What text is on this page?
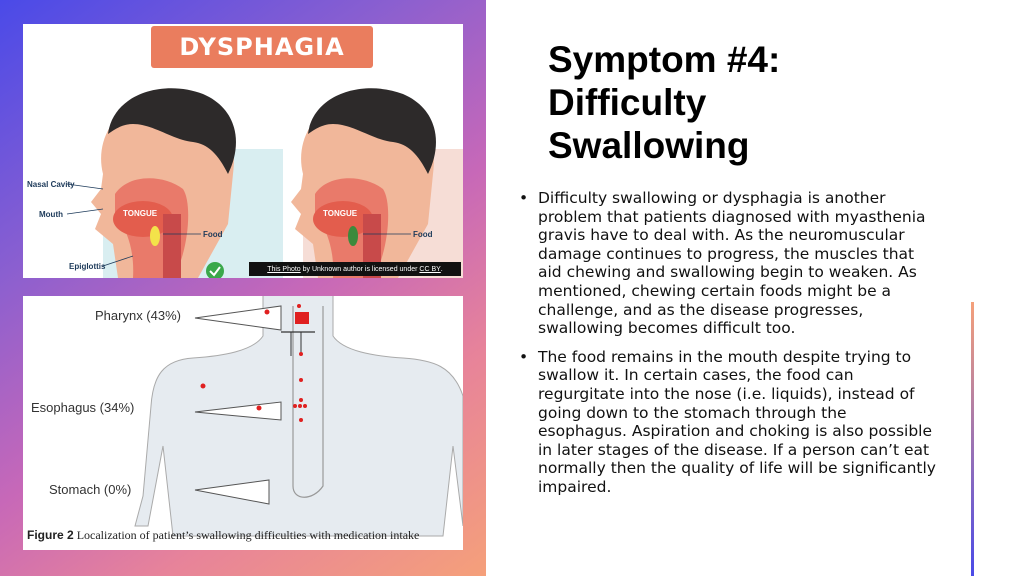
DYSPHAGIA
TONGUE	TONGUE
Nasal Cavity
Mouth
Epiglottis
Food	Food
This Photo by Unknown author is licensed under CC BY .
Pharynx (43%)
Esophagus (34%)
Stomach (0%)
Figure 2 Localization of patient’s swallowing difficulties with medication intake
Symptom #4: Difficulty Swallowing
• Difficulty swallowing or dysphagia is another problem that patients diagnosed with myasthenia gravis have to deal with. As the neuromuscular damage continues to progress, the muscles that aid chewing and swallowing begin to weaken. As mentioned, chewing certain foods might be a challenge, and as the disease progresses, swallowing becomes difficult too.
• The food remains in the mouth despite trying to swallow it. In certain cases, the food can regurgitate into the nose (i.e. liquids), instead of going down to the stomach through the esophagus. Aspiration and choking is also possible in later stages of the disease. If a person can’t eat normally then the quality of life will be significantly impaired.
